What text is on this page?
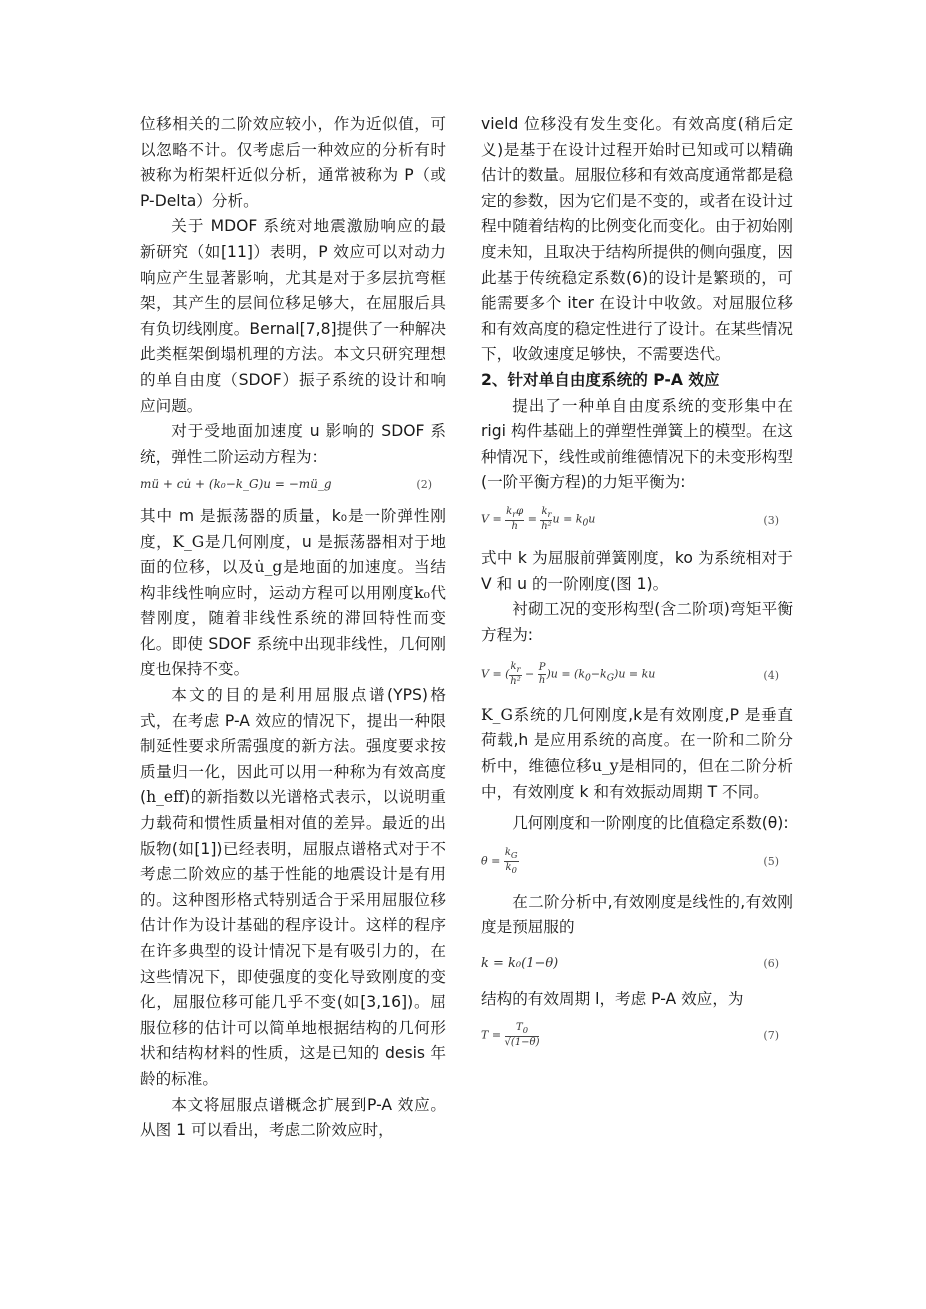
位移相关的二阶效应较小，作为近似值，可以忽略不计。仅考虑后一种效应的分析有时被称为桁架杆近似分析，通常被称为 P（或 P-Delta）分析。

关于 MDOF 系统对地震激励响应的最新研究（如[11]）表明，P 效应可以对动力响应产生显著影响，尤其是对于多层抗弯框架，其产生的层间位移足够大，在屈服后具有负切线刚度。Bernal[7,8]提供了一种解决此类框架倒塌机理的方法。本文只研究理想的单自由度（SDOF）振子系统的设计和响应问题。

对于受地面加速度 u 影响的 SDOF 系统，弹性二阶运动方程为：

mü + cu̇ + (k₀−k_G)u = −mü_g	(2)

其中 m 是振荡器的质量，k₀是一阶弹性刚度，K_G是几何刚度，u 是振荡器相对于地面的位移，以及u̇_g是地面的加速度。当结构非线性响应时，运动方程可以用刚度k₀代替刚度，随着非线性系统的滞回特性而变化。即使 SDOF 系统中出现非线性，几何刚度也保持不变。

本文的目的是利用屈服点谱(YPS)格式，在考虑 P-A 效应的情况下，提出一种限制延性要求所需强度的新方法。强度要求按质量归一化，因此可以用一种称为有效高度(h_eff)的新指数以光谱格式表示，以说明重力载荷和惯性质量相对值的差异。最近的出版物(如[1])已经表明，屈服点谱格式对于不考虑二阶效应的基于性能的地震设计是有用的。这种图形格式特别适合于采用屈服位移估计作为设计基础的程序设计。这样的程序在许多典型的设计情况下是有吸引力的，在这些情况下，即使强度的变化导致刚度的变化，屈服位移可能几乎不变(如[3,16])。屈服位移的估计可以简单地根据结构的几何形状和结构材料的性质，这是已知的 desis 年龄的标准。

本文将屈服点谱概念扩展到P-A 效应。从图 1 可以看出，考虑二阶效应时，

vield 位移没有发生变化。有效高度(稍后定义)是基于在设计过程开始时已知或可以精确估计的数量。屈服位移和有效高度通常都是稳定的参数，因为它们是不变的，或者在设计过程中随着结构的比例变化而变化。由于初始刚度未知，且取决于结构所提供的侧向强度，因此基于传统稳定系数(6)的设计是繁琐的，可能需要多个 iter 在设计中收敛。对屈服位移和有效高度的稳定性进行了设计。在某些情况下，收敛速度足够快，不需要迭代。

2、针对单自由度系统的 P-A 效应

提出了一种单自由度系统的变形集中在 rigi 构件基础上的弹塑性弹簧上的模型。在这种情况下，线性或前维德情况下的未变形构型(一阶平衡方程)的力矩平衡为:

$V = \frac{k_r\varphi}{h} = \frac{k_r}{\text{h²}}$ $u = k_0u$	(3)

式中 k 为屈服前弹簧刚度，ko 为系统相对于 V 和 u 的一阶刚度(图 1)。

衬砌工况的变形构型(含二阶项)弯矩平衡方程为:

V = ( $\frac{k_r}{\text{h²}} - \frac{P}{h} )u = (k_0-k_G)u$ = ku	(4)

K_G系统的几何刚度,k是有效刚度,P 是垂直荷载,h 是应用系统的高度。在一阶和二阶分析中，维德位移u_y是相同的，但在二阶分析中，有效刚度 k 和有效振动周期 T 不同。

几何刚度和一阶刚度的比值稳定系数(θ):

$\theta = \frac{k_G}{k_0}$	(5)

在二阶分析中,有效刚度是线性的,有效刚度是预屈服的

k = k₀(1−θ)	(6)

结构的有效周期 l，考虑 P-A 效应，为

$T = \frac{T_0}{√(1-\theta)}$	(7)
